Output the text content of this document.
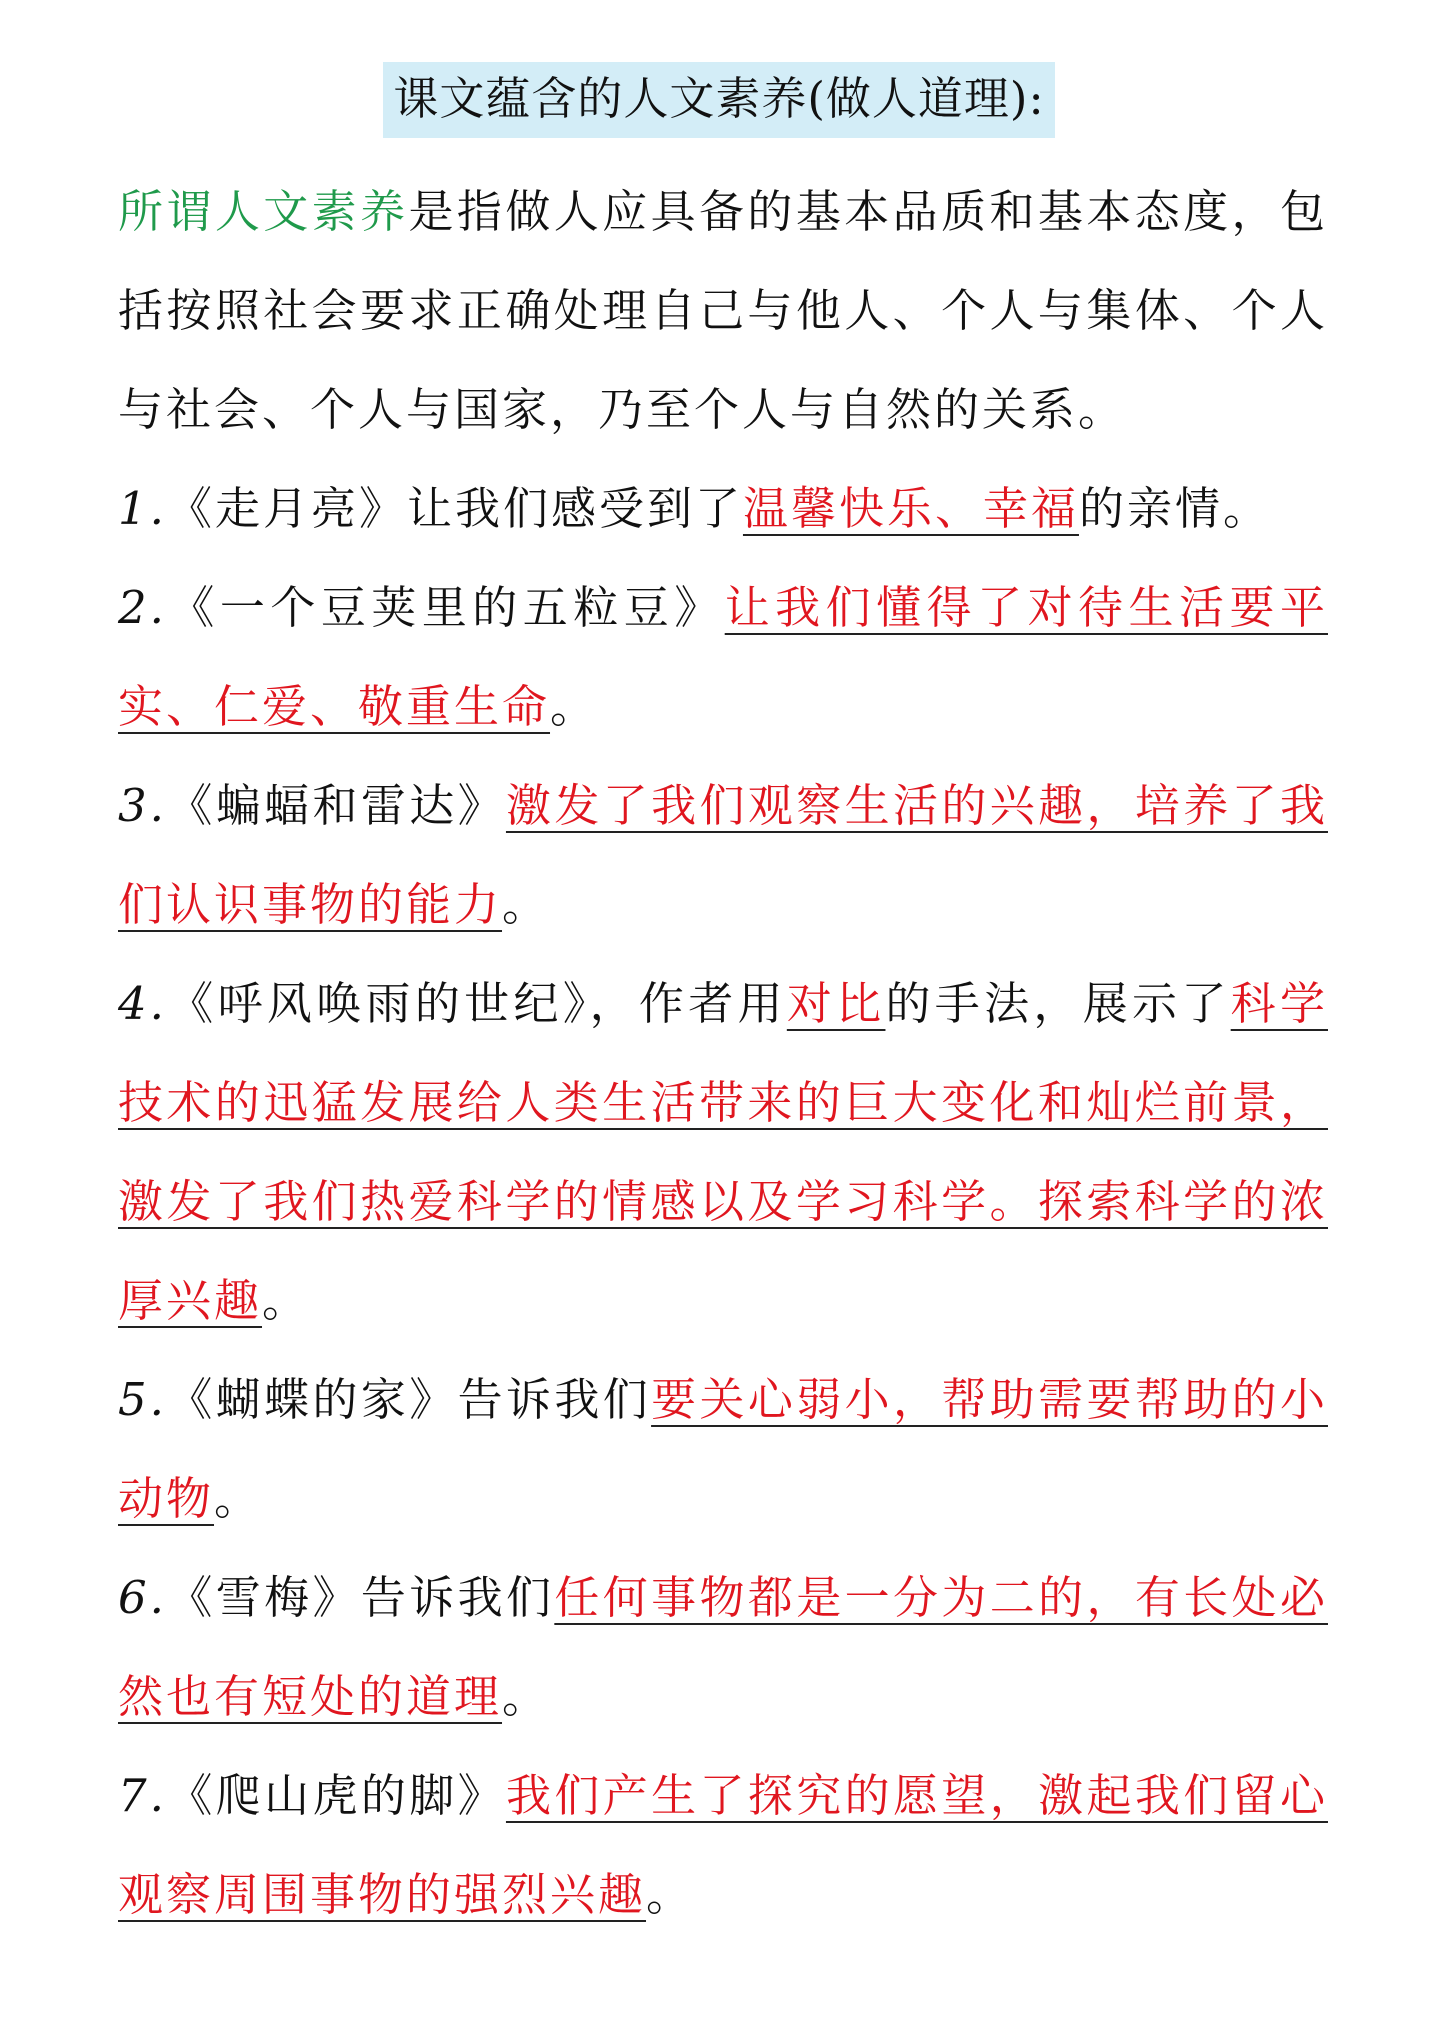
课文蕴含的人文素养(做人道理):

所谓人文素养是指做人应具备的基本品质和基本态度，包括按照社会要求正确处理自己与他人、个人与集体、个人与社会、个人与国家，乃至个人与自然的关系。

1.《走月亮》让我们感受到了温馨快乐、幸福的亲情。

2.《一个豆荚里的五粒豆》让我们懂得了对待生活要平实、仁爱、敬重生命。

3.《蝙蝠和雷达》激发了我们观察生活的兴趣，培养了我们认识事物的能力。

4.《呼风唤雨的世纪》，作者用对比的手法，展示了科学技术的迅猛发展给人类生活带来的巨大变化和灿烂前景，激发了我们热爱科学的情感以及学习科学。探索科学的浓厚兴趣。

5.《蝴蝶的家》告诉我们要关心弱小，帮助需要帮助的小动物。

6.《雪梅》告诉我们任何事物都是一分为二的，有长处必然也有短处的道理。

7.《爬山虎的脚》我们产生了探究的愿望，激起我们留心观察周围事物的强烈兴趣。
